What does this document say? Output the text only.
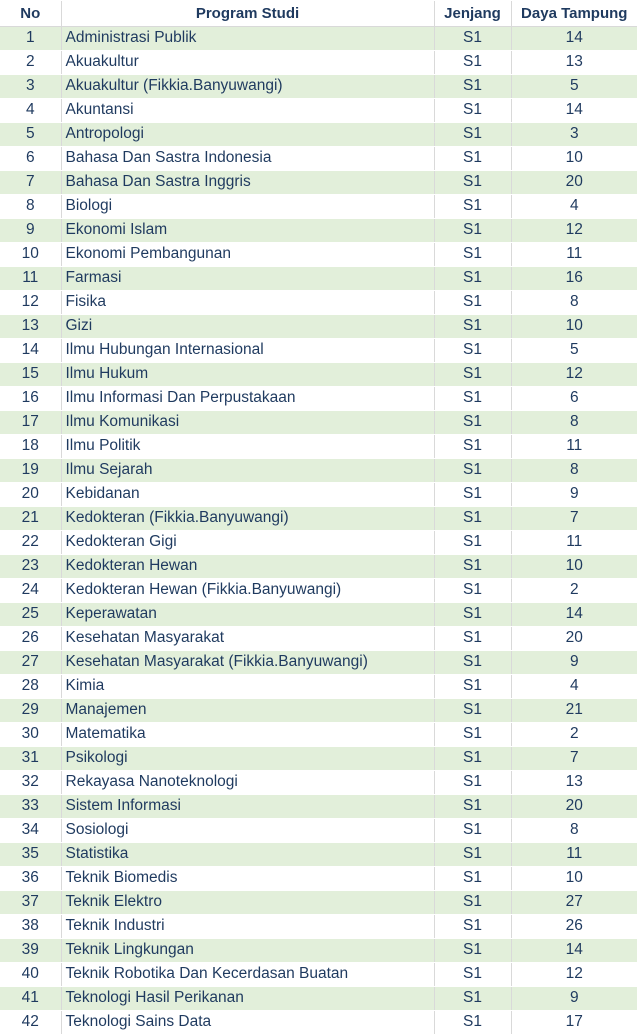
No	Program Studi	Jenjang	Daya Tampung
1	Administrasi Publik	S1	14
2	Akuakultur	S1	13
3	Akuakultur (Fikkia.Banyuwangi)	S1	5
4	Akuntansi	S1	14
5	Antropologi	S1	3
6	Bahasa Dan Sastra Indonesia	S1	10
7	Bahasa Dan Sastra Inggris	S1	20
8	Biologi	S1	4
9	Ekonomi Islam	S1	12
10	Ekonomi Pembangunan	S1	11
11	Farmasi	S1	16
12	Fisika	S1	8
13	Gizi	S1	10
14	Ilmu Hubungan Internasional	S1	5
15	Ilmu Hukum	S1	12
16	Ilmu Informasi Dan Perpustakaan	S1	6
17	Ilmu Komunikasi	S1	8
18	Ilmu Politik	S1	11
19	Ilmu Sejarah	S1	8
20	Kebidanan	S1	9
21	Kedokteran (Fikkia.Banyuwangi)	S1	7
22	Kedokteran Gigi	S1	11
23	Kedokteran Hewan	S1	10
24	Kedokteran Hewan (Fikkia.Banyuwangi)	S1	2
25	Keperawatan	S1	14
26	Kesehatan Masyarakat	S1	20
27	Kesehatan Masyarakat (Fikkia.Banyuwangi)	S1	9
28	Kimia	S1	4
29	Manajemen	S1	21
30	Matematika	S1	2
31	Psikologi	S1	7
32	Rekayasa Nanoteknologi	S1	13
33	Sistem Informasi	S1	20
34	Sosiologi	S1	8
35	Statistika	S1	11
36	Teknik Biomedis	S1	10
37	Teknik Elektro	S1	27
38	Teknik Industri	S1	26
39	Teknik Lingkungan	S1	14
40	Teknik Robotika Dan Kecerdasan Buatan	S1	12
41	Teknologi Hasil Perikanan	S1	9
42	Teknologi Sains Data	S1	17
